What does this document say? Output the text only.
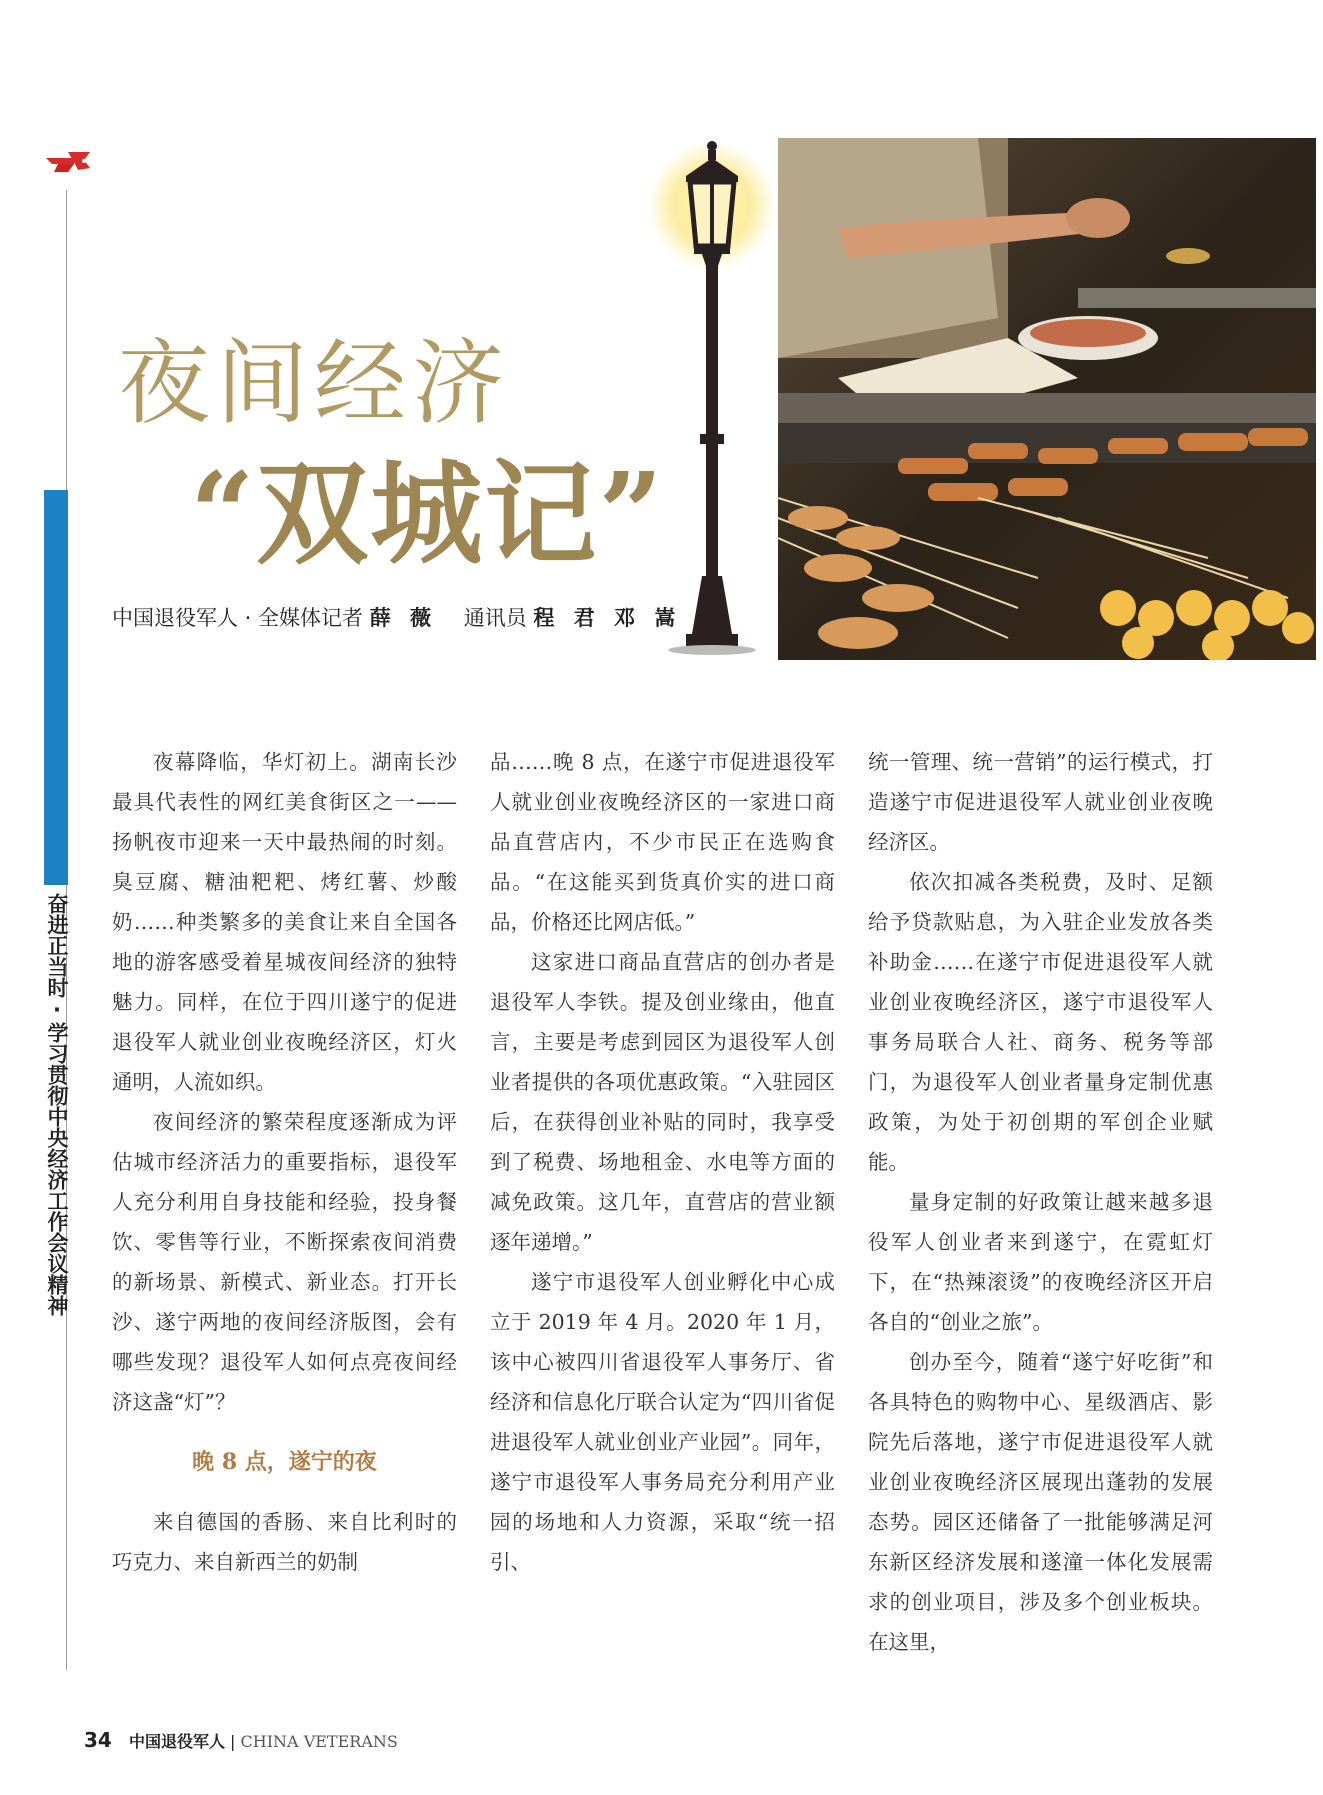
奋进正当时·学习贯彻中央经济工作会议精神
夜间经济
“双城记”
中国退役军人 · 全媒体记者 薛 薇 通讯员 程 君 邓 嵩

夜幕降临，华灯初上。湖南长沙最具代表性的网红美食街区之一——扬帆夜市迎来一天中最热闹的时刻。臭豆腐、糖油粑粑、烤红薯、炒酸奶……种类繁多的美食让来自全国各地的游客感受着星城夜间经济的独特魅力。同样，在位于四川遂宁的促进退役军人就业创业夜晚经济区，灯火通明，人流如织。

夜间经济的繁荣程度逐渐成为评估城市经济活力的重要指标，退役军人充分利用自身技能和经验，投身餐饮、零售等行业，不断探索夜间消费的新场景、新模式、新业态。打开长沙、遂宁两地的夜间经济版图，会有哪些发现？退役军人如何点亮夜间经济这盏“灯”？

晚 8 点，遂宁的夜

来自德国的香肠、来自比利时的巧克力、来自新西兰的奶制

品……晚 8 点，在遂宁市促进退役军人就业创业夜晚经济区的一家进口商品直营店内，不少市民正在选购食品。“在这能买到货真价实的进口商品，价格还比网店低。”

这家进口商品直营店的创办者是退役军人李铁。提及创业缘由，他直言，主要是考虑到园区为退役军人创业者提供的各项优惠政策。“入驻园区后，在获得创业补贴的同时，我享受到了税费、场地租金、水电等方面的减免政策。这几年，直营店的营业额逐年递增。”

遂宁市退役军人创业孵化中心成立于 2019 年 4 月。2020 年 1 月，该中心被四川省退役军人事务厅、省经济和信息化厅联合认定为“四川省促进退役军人就业创业产业园”。同年，遂宁市退役军人事务局充分利用产业园的场地和人力资源，采取“统一招引、

统一管理、统一营销”的运行模式，打造遂宁市促进退役军人就业创业夜晚经济区。

依次扣减各类税费，及时、足额给予贷款贴息，为入驻企业发放各类补助金……在遂宁市促进退役军人就业创业夜晚经济区，遂宁市退役军人事务局联合人社、商务、税务等部门，为退役军人创业者量身定制优惠政策，为处于初创期的军创企业赋能。

量身定制的好政策让越来越多退役军人创业者来到遂宁，在霓虹灯下，在“热辣滚烫”的夜晚经济区开启各自的“创业之旅”。

创办至今，随着“遂宁好吃街”和各具特色的购物中心、星级酒店、影院先后落地，遂宁市促进退役军人就业创业夜晚经济区展现出蓬勃的发展态势。园区还储备了一批能够满足河东新区经济发展和遂潼一体化发展需求的创业项目，涉及多个创业板块。在这里，

34 中国退役军人 | CHINA VETERANS
